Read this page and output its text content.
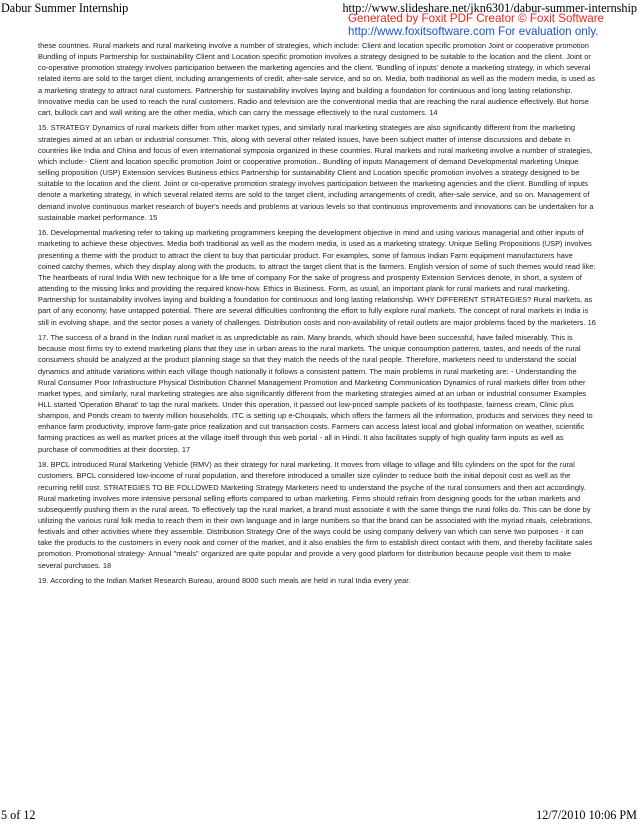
Dabur Summer Internship	http://www.slideshare.net/jkn6301/dabur-summer-internship
Generated by Foxit PDF Creator © Foxit Software
http://www.foxitsoftware.com For evaluation only.

these countries. Rural markets and rural marketing involve a number of strategies, which include: Client and location specific promotion Joint or cooperative promotion Bundling of inputs Partnership for sustainability Client and Location specific promotion involves a strategy designed to be suitable to the location and the client. Joint or co-operative promotion strategy involves participation between the marketing agencies and the client. 'Bundling of inputs' denote a marketing strategy, in which several related items are sold to the target client, including arrangements of credit, after-sale service, and so on. Media, both traditional as well as the modern media, is used as a marketing strategy to attract rural customers. Partnership for sustainability involves laying and building a foundation for continuous and long lasting relationship. Innovative media can be used to reach the rural customers. Radio and television are the conventional media that are reaching the rural audience effectively. But horse cart, bullock cart and wall writing are the other media, which can carry the message effectively to the rural customers. 14

15. STRATEGY Dynamics of rural markets differ from other market types, and similarly rural marketing strategies are also significantly different from the marketing strategies aimed at an urban or industrial consumer. This, along with several other related issues, have been subject matter of intense discussions and debate in countries like India and China and focus of even international symposia organized in these countries. Rural markets and rural marketing involve a number of strategies, which include:- Client and location specific promotion Joint or cooperative promotion.. Bundling of inputs Management of demand Developmental marketing Unique selling proposition (USP) Extension services Business ethics Partnership for sustainability Client and Location specific promotion involves a strategy designed to be suitable to the location and the client. Joint or co-operative promotion strategy involves participation between the marketing agencies and the client. Bundling of inputs denote a marketing strategy, in which several related items are sold to the target client, including arrangements of credit, after-sale service, and so on. Management of demand involve continuous market research of buyer's needs and problems at various levels so that continuous improvements and innovations can be undertaken for a sustainable market performance. 15

16. Developmental marketing refer to taking up marketing programmers keeping the development objective in mind and using various managerial and other inputs of marketing to achieve these objectives. Media both traditional as well as the modern media, is used as a marketing strategy. Unique Selling Propositions (USP) involves presenting a theme with the product to attract the client to buy that particular product. For examples, some of famous Indian Farm equipment manufacturers have coined catchy themes, which they display along with the products, to attract the target client that is the farmers. English version of some of such themes would read like: The heartbeats of rural India With new technique for a life time of company For the sake of progress and prosperity Extension Services denote, in short, a system of attending to the missing links and providing the required know-how. Ethics in Business. Form, as usual, an important plank for rural markets and rural marketing. Partnership for sustainability involves laying and building a foundation for continuous and long lasting relationship. WHY DIFFERENT STRATEGIES? Rural markets, as part of any economy, have untapped potential. There are several difficulties confronting the effort to fully explore rural markets. The concept of rural markets in India is still in evolving shape, and the sector poses a variety of challenges. Distribution costs and non-availability of retail outlets are major problems faced by the marketers. 16

17. The success of a brand in the Indian rural market is as unpredictable as rain. Many brands, which should have been successful, have failed miserably. This is because most firms try to extend marketing plans that they use in urban areas to the rural markets. The unique consumption patterns, tastes, and needs of the rural consumers should be analyzed at the product planning stage so that they match the needs of the rural people. Therefore, marketers need to understand the social dynamics and attitude variations within each village though nationally it follows a consistent pattern. The main problems in rural marketing are: - Understanding the Rural Consumer Poor Infrastructure Physical Distribution Channel Management Promotion and Marketing Communication Dynamics of rural markets differ from other market types, and similarly, rural marketing strategies are also significantly different from the marketing strategies aimed at an urban or industrial consumer Examples HLL started 'Operation Bharat' to tap the rural markets. Under this operation, it passed out low-priced sample packets of its toothpaste, fairness cream, Clinic plus shampoo, and Ponds cream to twenty million households. ITC is setting up e-Choupals, which offers the farmers all the information, products and services they need to enhance farm productivity, improve farm-gate price realization and cut transaction costs. Farmers can access latest local and global information on weather, scientific farming practices as well as market prices at the village itself through this web portal - all in Hindi. It also facilitates supply of high quality farm inputs as well as purchase of commodities at their doorstep. 17

18. BPCL introduced Rural Marketing Vehicle (RMV) as their strategy for rural marketing. It moves from village to village and fills cylinders on the spot for the rural customers. BPCL considered low-income of rural population, and therefore introduced a smaller size cylinder to reduce both the initial deposit cost as well as the recurring refill cost. STRATEGIES TO BE FOLLOWED Marketing Strategy Marketers need to understand the psyche of the rural consumers and then act accordingly. Rural marketing involves more intensive personal selling efforts compared to urban marketing. Firms should refrain from designing goods for the urban markets and subsequently pushing them in the rural areas. To effectively tap the rural market, a brand must associate it with the same things the rural folks do. This can be done by utilizing the various rural folk media to reach them in their own language and in large numbers so that the brand can be associated with the myriad rituals, celebrations, festivals and other activities where they assemble. Distribution Strategy One of the ways could be using company delivery van which can serve two purposes - it can take the products to the customers in every nook and corner of the market, and it also enables the firm to establish direct contact with them, and thereby facilitate sales promotion. Promotional strategy- Annual "meals" organized are quite popular and provide a very good platform for distribution because people visit them to make several purchases. 18

19. According to the Indian Market Research Bureau, around 8000 such meals are held in rural India every year.

5 of 12	12/7/2010 10:06 PM
